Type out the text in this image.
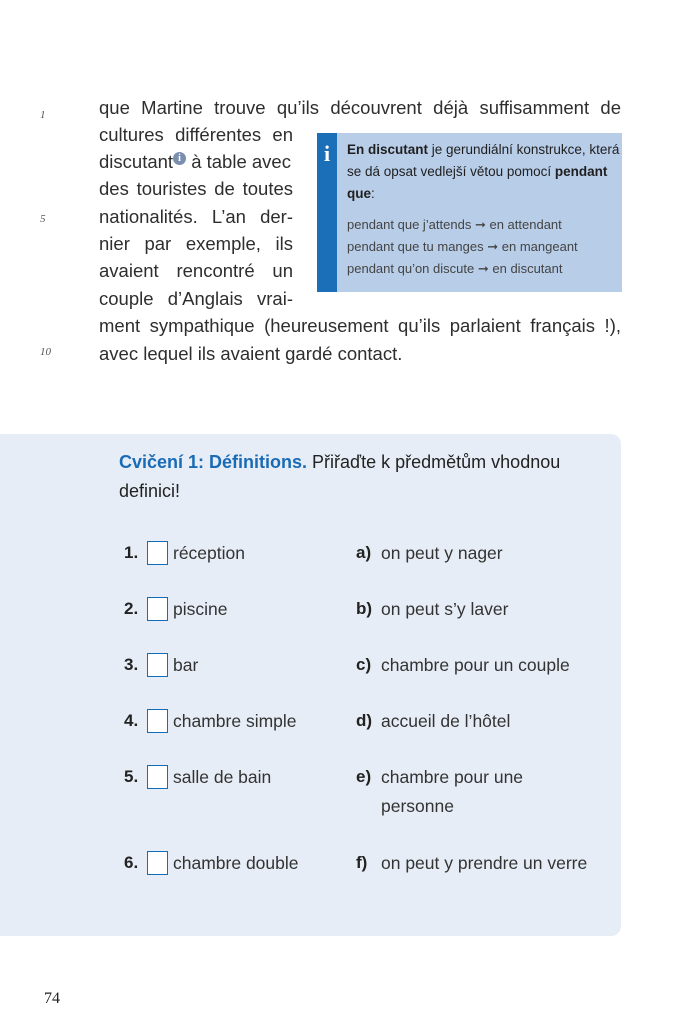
1
5
10
que Martine trouve qu’ils découvrent déjà suffisamment de
cultures différentes en
discutant i à table avec
des touristes de toutes
nationalités. L’an der-
nier par exemple, ils
avaient rencontré un
couple d’Anglais vrai-
ment sympathique (heureusement qu’ils parlaient français !),
avec lequel ils avaient gardé contact.
i En discutant je gerundiální konstrukce, která se dá opsat vedlejší větou pomocí pendant que:
pendant que j’attends ➞ en attendant
pendant que tu manges ➞ en mangeant
pendant qu’on discute ➞ en discutant
Cvičení 1: Définitions. Přiřaďte k předmětům vhodnou definici!
1. réception	a) on peut y nager
2. piscine	b) on peut s’y laver
3. bar	c) chambre pour un couple
4. chambre simple	d) accueil de l’hôtel
5. salle de bain	e) chambre pour une personne
6. chambre double	f) on peut y prendre un verre
74
